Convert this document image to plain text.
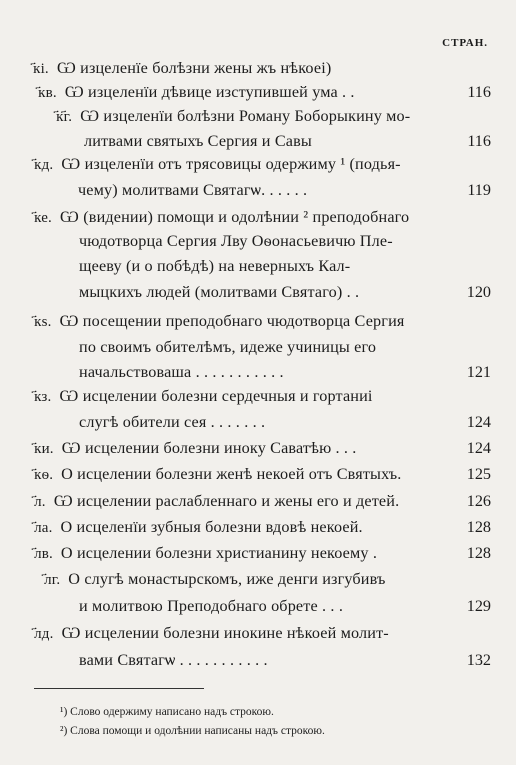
СТРАН.
҃кі. Ѡ изцеленїе болѣзни жены жъ нѣкоеі)
҃кв. Ѡ изцеленїи дѣвице изступившей ума . .	116
҃к҃г. Ѡ изцеленїи болѣзни Роману Боборыкину мо-
литвами святыхъ Сергия и Савы	116
҃кд. Ѡ изцеленїи отъ трясовицы одержиму ¹ (подья-
чему) молитвами Святагѡ. . . . . .	119
҃ке. Ѡ (видении) помощи и одолѣнии ² преподобнаго
чюдотворца Сергия Лву Оѳонасьевичю Пле-
щееву (и о побѣдѣ) на неверныхъ Кал-
мыцкихъ людей (молитвами Святаго) . .	120
҃кѕ. Ѡ посещении преподобнаго чюдотворца Сергия
по своимъ обителѣмъ, идеже учиницы его
начальствоваша . . . . . . . . . . .	121
҃кз. Ѡ исцелении болезни сердечныя и гортаниі
слугѣ обители сея . . . . . . .	124
҃ки. Ѡ исцелении болезни иноку Саватѣю . . .	124
҃кѳ. О исцелении болезни женѣ некоей отъ Святыхъ.	125
҃л. Ѡ исцелении раслабленнаго и жены его и детей.	126
҃ла. О исцеленїи зубныя болезни вдовѣ некоей.	128
҃лв. О исцелении болезни христианину некоему .	128
҃лг. О слугѣ монастырскомъ, иже денги изгубивъ
и молитвою Преподобнаго обрете . . .	129
҃лд. Ѡ исцелении болезни инокине нѣкоей молит-
вами Святагѡ . . . . . . . . . . .	132
¹) Слово одержиму написано надъ строкою.
²) Слова помощи и одолѣнии написаны надъ строкою.
